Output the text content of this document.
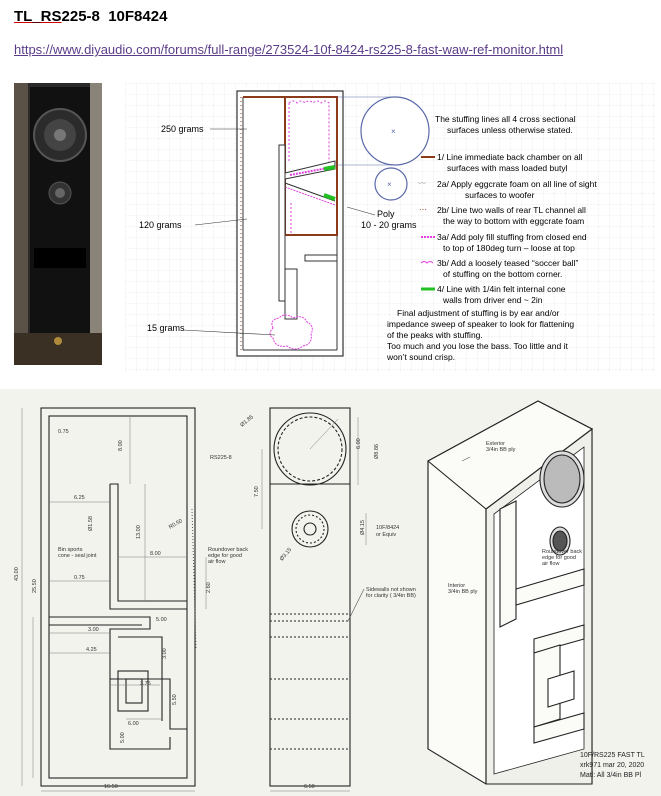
TL_RS225-8  10F8424
https://www.diyaudio.com/forums/full-range/273524-10f-8424-rs225-8-fast-waw-ref-monitor.html
×
×
250 grams
120 grams
15 grams
Poly
10 - 20 grams
The stuffing lines all 4 cross sectional
surfaces unless otherwise stated.
1/ Line immediate back chamber on all
surfaces with mass loaded butyl
〰 2a/ Apply eggcrate foam on all line of sight
surfaces to woofer
⋯ 2b/ Line two walls of rear TL channel all
the way to bottom with eggcrate foam
3a/ Add poly fill stuffing from closed end
to top of 180deg turn – loose at top
3b/ Add a loosely teased “soccer ball”
of stuffing on the bottom corner.
4/ Line with 1/4in felt internal cone
walls from driver end ~ 2in
Final adjustment of stuffing is by ear and/or
impedance sweep of speaker to look for flattening
of the peaks with stuffing.
Too much and you lose the bass. Too little and it
won’t sound crisp.
0.75
8.00
6.25
13.00
8.00
0.75
25.50
43.00
3.00
5.00
4.25	3.00
3.75
5.50
6.00
5.00
16.50
2.60
R0.50
Ø1.58
RS225-8
Bin sports
cone - seal joint
Roundover back
edge for good
air flow
Ø1.85
6.00
Ø8.86
7.50
Ø4.15
Ø3.15
10F/8424
or Equiv
Sidewalls not shown
for clarity ( 3/4in BB)
6.50
Exterior
3/4in BB ply
Roundover back
edge for good
air flow
Interior
3/4in BB ply
10F/RS225 FAST TL
xrk971 mar 20, 2020
Matl: All 3/4in BB Pl
